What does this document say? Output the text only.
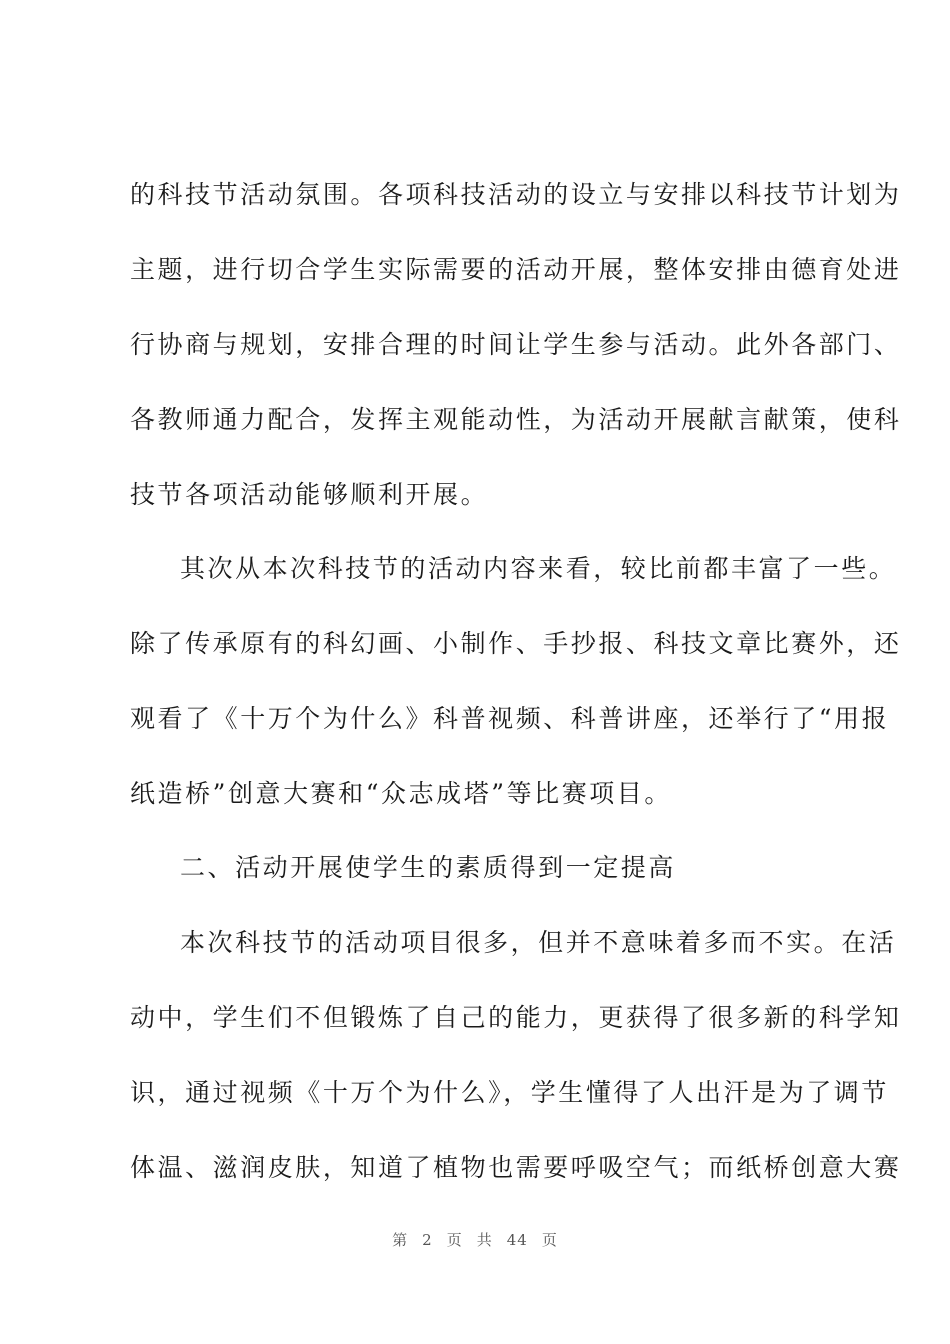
的科技节活动氛围。各项科技活动的设立与安排以科技节计划为
主题，进行切合学生实际需要的活动开展，整体安排由德育处进
行协商与规划，安排合理的时间让学生参与活动。此外各部门、
各教师通力配合，发挥主观能动性，为活动开展献言献策，使科
技节各项活动能够顺利开展。
其次从本次科技节的活动内容来看，较比前都丰富了一些。
除了传承原有的科幻画、小制作、手抄报、科技文章比赛外，还
观看了《十万个为什么》科普视频、科普讲座，还举行了“用报
纸造桥”创意大赛和“众志成塔”等比赛项目。
二、活动开展使学生的素质得到一定提高
本次科技节的活动项目很多，但并不意味着多而不实。在活
动中，学生们不但锻炼了自己的能力，更获得了很多新的科学知
识，通过视频《十万个为什么》，学生懂得了人出汗是为了调节
体温、滋润皮肤，知道了植物也需要呼吸空气；而纸桥创意大赛
第 2 页 共 44 页
